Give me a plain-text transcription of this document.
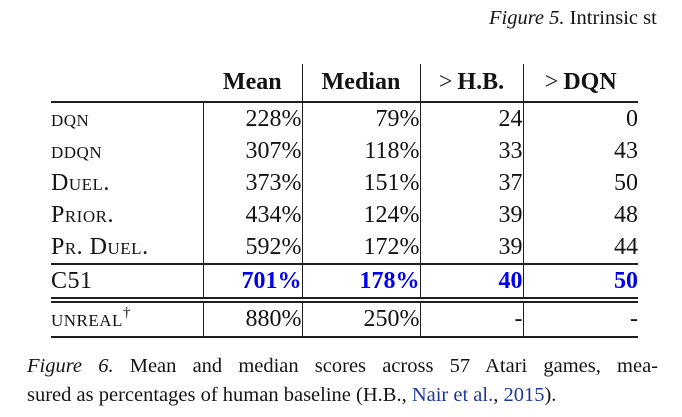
Figure 5. Intrinsic st
	Mean	Median	> H.B.	> DQN
dqn	228%	79%	24	0
ddqn	307%	118%	33	43
Duel.	373%	151%	37	50
Prior.	434%	124%	39	48
Pr. Duel.	592%	172%	39	44
C51	701%	178%	40	50
unreal†	880%	250%	-	-
Figure 6. Mean and median scores across 57 Atari games, mea-
sured as percentages of human baseline (H.B., Nair et al., 2015).
